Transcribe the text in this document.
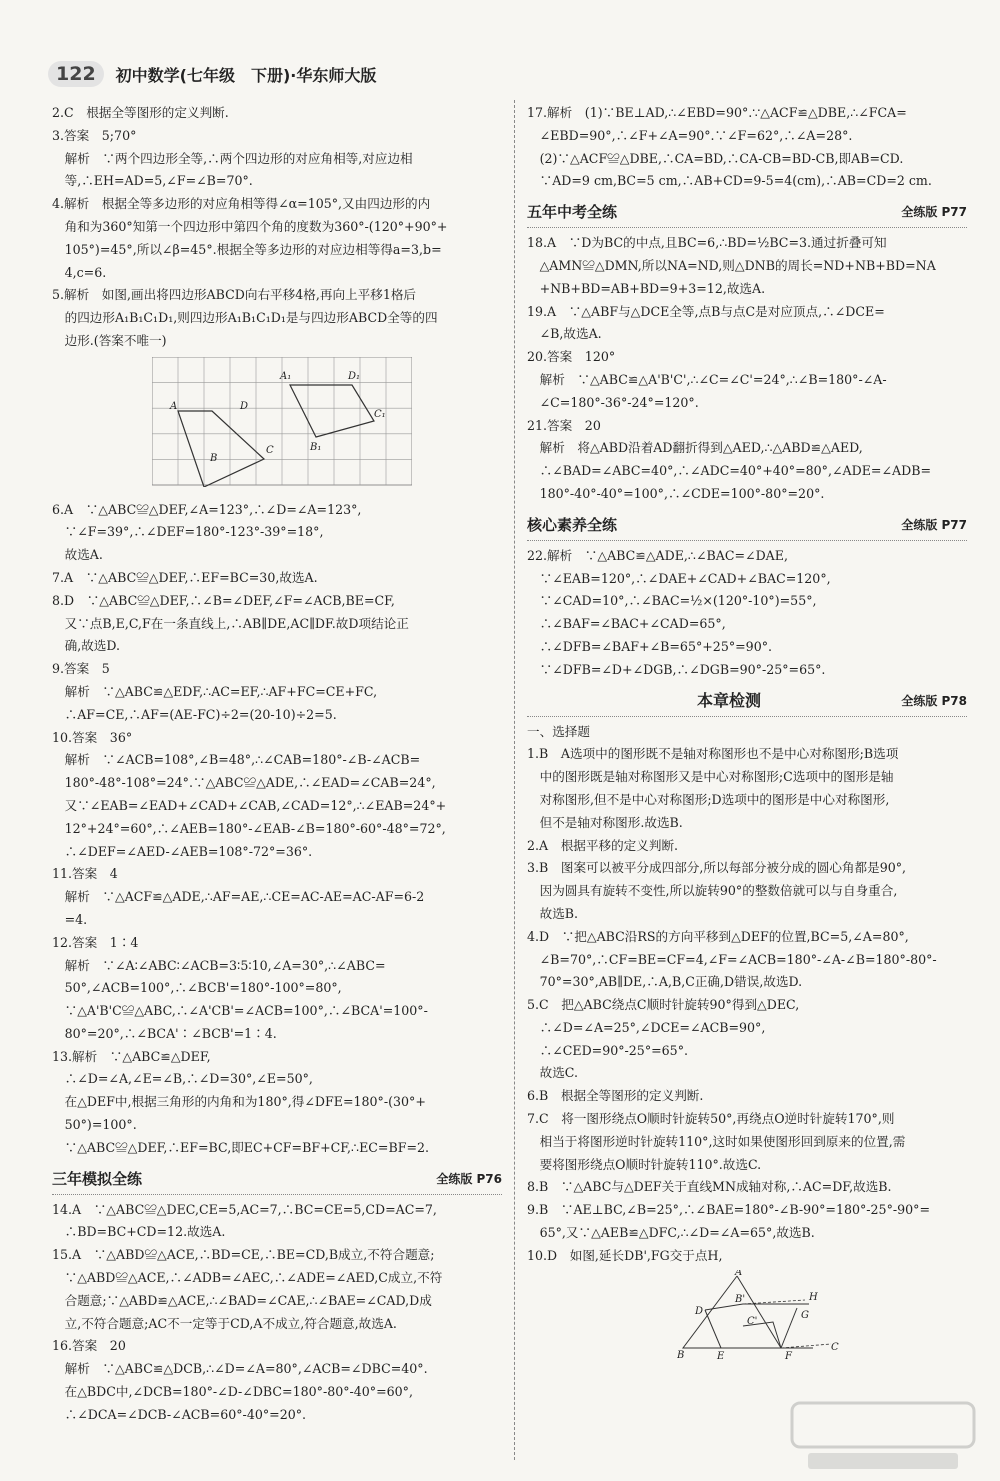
122	初中数学(七年级　下册)·华东师大版
2.C　根据全等图形的定义判断.
3.答案　5;70°
　解析　∵两个四边形全等,∴两个四边形的对应角相等,对应边相
　等,∴EH=AD=5,∠F=∠B=70°.
4.解析　根据全等多边形的对应角相等得∠α=105°,又由四边形的内
　角和为360°知第一个四边形中第四个角的度数为360°-(120°+90°+
　105°)=45°,所以∠β=45°.根据全等多边形的对应边相等得a=3,b=
　4,c=6.
5.解析　如图,画出将四边形ABCD向右平移4格,再向上平移1格后
　的四边形A₁B₁C₁D₁,则四边形A₁B₁C₁D₁是与四边形ABCD全等的四
　边形.(答案不唯一)
A
B
C
D
A₁
B₁
C₁
D₁
6.A　∵△ABC≌△DEF,∠A=123°,∴∠D=∠A=123°,
　∵∠F=39°,∴∠DEF=180°-123°-39°=18°,
　故选A.
7.A　∵△ABC≌△DEF,∴EF=BC=30,故选A.
8.D　∵△ABC≌△DEF,∴∠B=∠DEF,∠F=∠ACB,BE=CF,
　又∵点B,E,C,F在一条直线上,∴AB∥DE,AC∥DF.故D项结论正
　确,故选D.
9.答案　5
　解析　∵△ABC≌△EDF,∴AC=EF,∴AF+FC=CE+FC,
　∴AF=CE,∴AF=(AE-FC)÷2=(20-10)÷2=5.
10.答案　36°
　解析　∵∠ACB=108°,∠B=48°,∴∠CAB=180°-∠B-∠ACB=
　180°-48°-108°=24°.∵△ABC≌△ADE,∴∠EAD=∠CAB=24°,
　又∵∠EAB=∠EAD+∠CAD+∠CAB,∠CAD=12°,∴∠EAB=24°+
　12°+24°=60°,∴∠AEB=180°-∠EAB-∠B=180°-60°-48°=72°,
　∴∠DEF=∠AED-∠AEB=108°-72°=36°.
11.答案　4
　解析　∵△ACF≌△ADE,∴AF=AE,∴CE=AC-AE=AC-AF=6-2
　=4.
12.答案　1∶4
　解析　∵∠A∶∠ABC∶∠ACB=3∶5∶10,∠A=30°,∴∠ABC=
　50°,∠ACB=100°,∴∠BCB'=180°-100°=80°,
　∵△A'B'C≌△ABC,∴∠A'CB'=∠ACB=100°,∴∠BCA'=100°-
　80°=20°,∴∠BCA'∶∠BCB'=1∶4.
13.解析　∵△ABC≌△DEF,
　∴∠D=∠A,∠E=∠B,∴∠D=30°,∠E=50°,
　在△DEF中,根据三角形的内角和为180°,得∠DFE=180°-(30°+
　50°)=100°.
　∵△ABC≌△DEF,∴EF=BC,即EC+CF=BF+CF,∴EC=BF=2.
三年模拟全练	全练版 P76
14.A　∵△ABC≌△DEC,CE=5,AC=7,∴BC=CE=5,CD=AC=7,
　∴BD=BC+CD=12.故选A.
15.A　∵△ABD≌△ACE,∴BD=CE,∴BE=CD,B成立,不符合题意;
　∵△ABD≌△ACE,∴∠ADB=∠AEC,∴∠ADE=∠AED,C成立,不符
　合题意;∵△ABD≌△ACE,∴∠BAD=∠CAE,∴∠BAE=∠CAD,D成
　立,不符合题意;AC不一定等于CD,A不成立,符合题意,故选A.
16.答案　20
　解析　∵△ABC≌△DCB,∴∠D=∠A=80°,∠ACB=∠DBC=40°.
　在△BDC中,∠DCB=180°-∠D-∠DBC=180°-80°-40°=60°,
　∴∠DCA=∠DCB-∠ACB=60°-40°=20°.
17.解析　(1)∵BE⊥AD,∴∠EBD=90°.∵△ACF≌△DBE,∴∠FCA=
　∠EBD=90°,∴∠F+∠A=90°.∵∠F=62°,∴∠A=28°.
　(2)∵△ACF≌△DBE,∴CA=BD,∴CA-CB=BD-CB,即AB=CD.
　∵AD=9 cm,BC=5 cm,∴AB+CD=9-5=4(cm),∴AB=CD=2 cm.
五年中考全练	全练版 P77
18.A　∵D为BC的中点,且BC=6,∴BD=½BC=3.通过折叠可知
　△AMN≌△DMN,所以NA=ND,则△DNB的周长=ND+NB+BD=NA
　+NB+BD=AB+BD=9+3=12,故选A.
19.A　∵△ABF与△DCE全等,点B与点C是对应顶点,∴∠DCE=
　∠B,故选A.
20.答案　120°
　解析　∵△ABC≌△A'B'C',∴∠C=∠C'=24°,∴∠B=180°-∠A-
　∠C=180°-36°-24°=120°.
21.答案　20
　解析　将△ABD沿着AD翻折得到△AED,∴△ABD≌△AED,
　∴∠BAD=∠ABC=40°,∴∠ADC=40°+40°=80°,∠ADE=∠ADB=
　180°-40°-40°=100°,∴∠CDE=100°-80°=20°.
核心素养全练	全练版 P77
22.解析　∵△ABC≌△ADE,∴∠BAC=∠DAE,
　∵∠EAB=120°,∴∠DAE+∠CAD+∠BAC=120°,
　∵∠CAD=10°,∴∠BAC=½×(120°-10°)=55°,
　∴∠BAF=∠BAC+∠CAD=65°,
　∴∠DFB=∠BAF+∠B=65°+25°=90°.
　∵∠DFB=∠D+∠DGB,∴∠DGB=90°-25°=65°.
本章检测	全练版 P78
一、选择题
1.B　A选项中的图形既不是轴对称图形也不是中心对称图形;B选项
　中的图形既是轴对称图形又是中心对称图形;C选项中的图形是轴
　对称图形,但不是中心对称图形;D选项中的图形是中心对称图形,
　但不是轴对称图形.故选B.
2.A　根据平移的定义判断.
3.B　图案可以被平分成四部分,所以每部分被分成的圆心角都是90°,
　因为圆具有旋转不变性,所以旋转90°的整数倍就可以与自身重合,
　故选B.
4.D　∵把△ABC沿RS的方向平移到△DEF的位置,BC=5,∠A=80°,
　∠B=70°,∴CF=BE=CF=4,∠F=∠ACB=180°-∠A-∠B=180°-80°-
　70°=30°,AB∥DE,∴A,B,C正确,D错误,故选D.
5.C　把△ABC绕点C顺时针旋转90°得到△DEC,
　∴∠D=∠A=25°,∠DCE=∠ACB=90°,
　∴∠CED=90°-25°=65°.
　故选C.
6.B　根据全等图形的定义判断.
7.C　将一图形绕点O顺时针旋转50°,再绕点O逆时针旋转170°,则
　相当于将图形逆时针旋转110°,这时如果使图形回到原来的位置,需
　要将图形绕点O顺时针旋转110°.故选C.
8.B　∵△ABC与△DEF关于直线MN成轴对称,∴AC=DF,故选B.
9.B　∵AE⊥BC,∠B=25°,∴∠BAE=180°-∠B-90°=180°-25°-90°=
　65°,又∵△AEB≌△DFC,∴∠D=∠A=65°,故选B.
10.D　如图,延长DB',FG交于点H,
A
B
C
D
E	F
G
H
B'
C'
